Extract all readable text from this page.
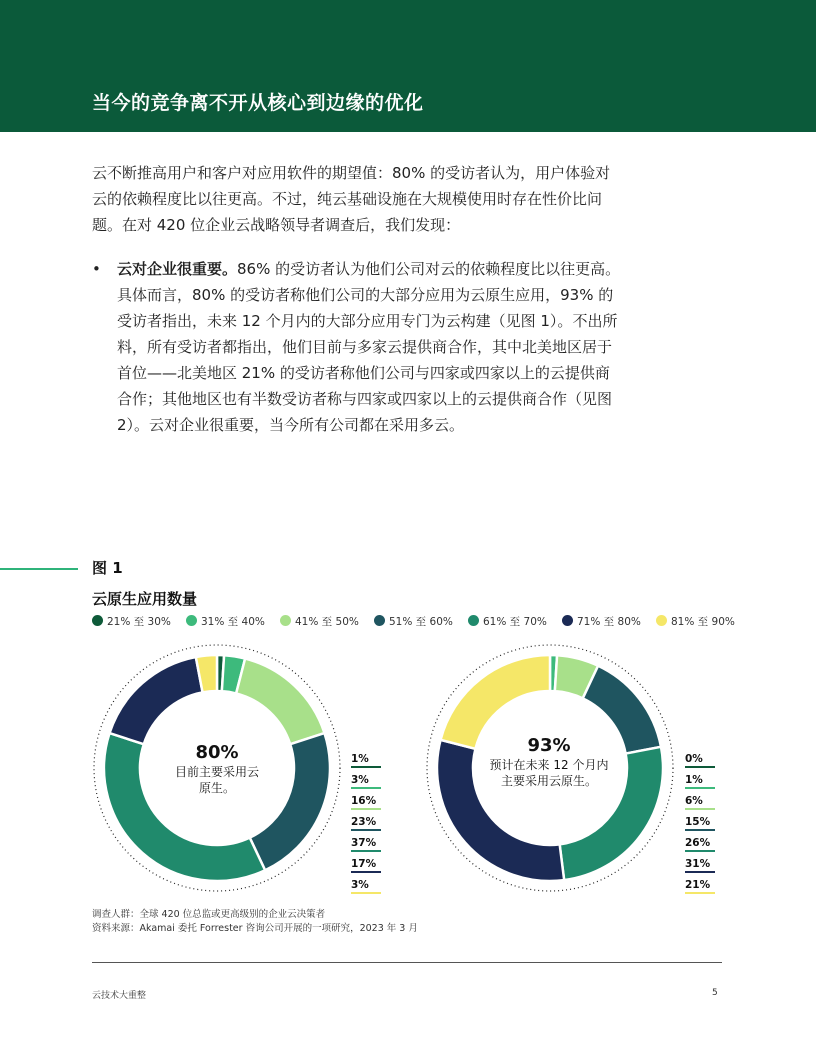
当今的竞争离不开从核心到边缘的优化

云不断推高用户和客户对应用软件的期望值：80% 的受访者认为，用户体验对云的依赖程度比以往更高。不过，纯云基础设施在大规模使用时存在性价比问题。在对 420 位企业云战略领导者调查后，我们发现：

• 云对企业很重要。86% 的受访者认为他们公司对云的依赖程度比以往更高。具体而言，80% 的受访者称他们公司的大部分应用为云原生应用，93% 的受访者指出，未来 12 个月内的大部分应用专门为云构建（见图 1）。不出所料，所有受访者都指出，他们目前与多家云提供商合作，其中北美地区居于首位——北美地区 21% 的受访者称他们公司与四家或四家以上的云提供商合作；其他地区也有半数受访者称与四家或四家以上的云提供商合作（见图 2）。云对企业很重要，当今所有公司都在采用多云。
图 1
云原生应用数量
21% 至 30%	31% 至 40%	41% 至 50%	51% 至 60%	61% 至 70%	71% 至 80%	81% 至 90%
80%
目前主要采用云原生。
93%
预计在未来 12 个月内主要采用云原生。
1%
3%
16%
23%
37%
17%
3%
0%
1%
6%
15%
26%
31%
21%
调查人群：全球 420 位总监或更高级别的企业云决策者
资料来源：Akamai 委托 Forrester 咨询公司开展的一项研究，2023 年 3 月
云技术大重整	5
